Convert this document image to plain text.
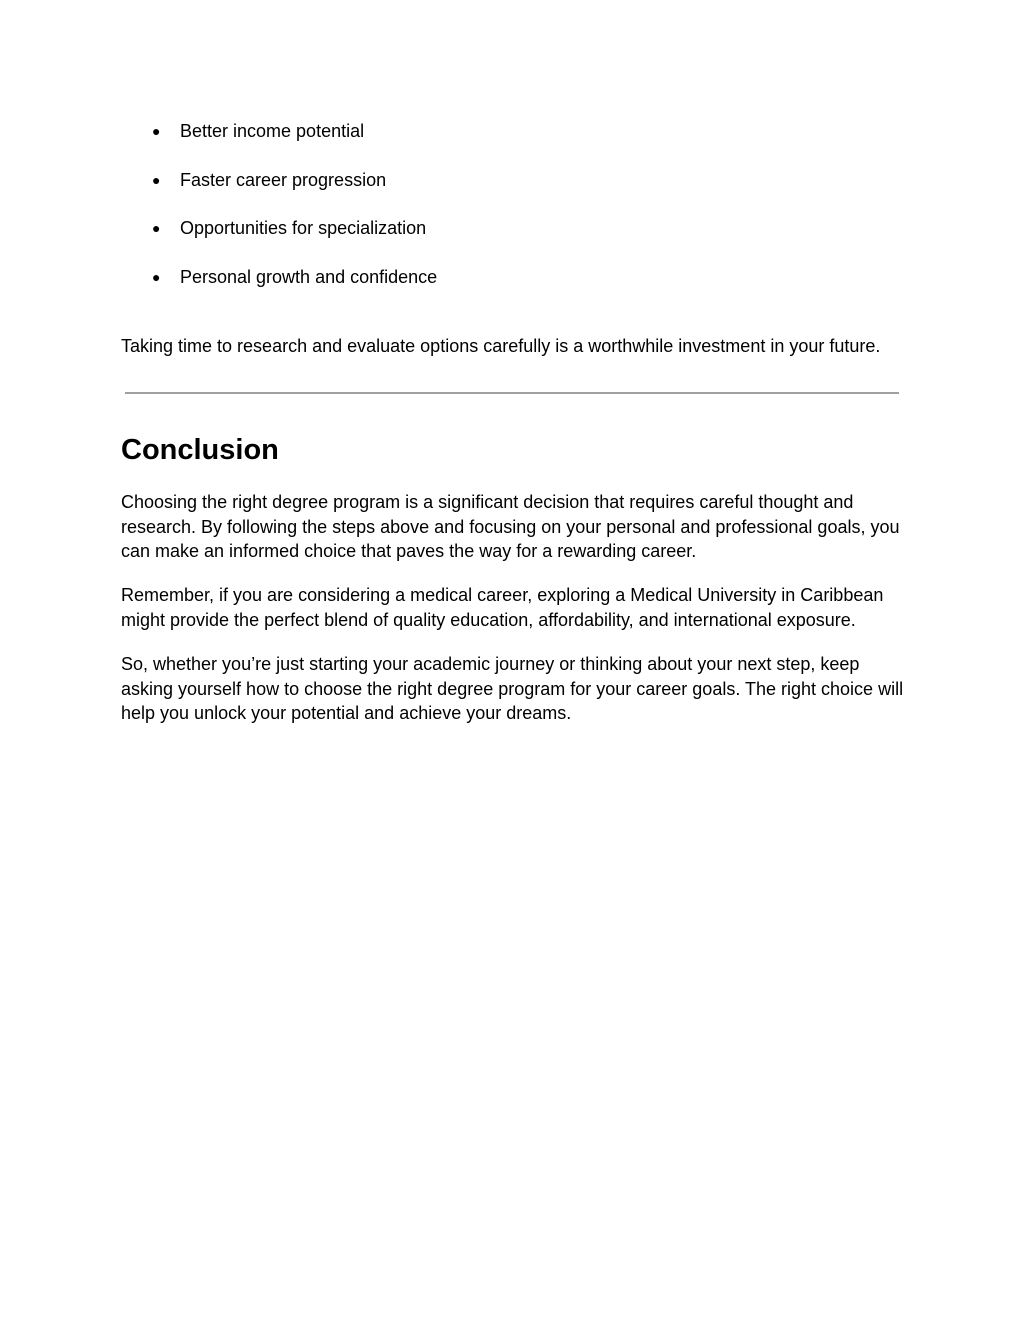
● Better income potential
● Faster career progression
● Opportunities for specialization
● Personal growth and confidence

Taking time to research and evaluate options carefully is a worthwhile investment in your future.

Conclusion

Choosing the right degree program is a significant decision that requires careful thought and research. By following the steps above and focusing on your personal and professional goals, you can make an informed choice that paves the way for a rewarding career.

Remember, if you are considering a medical career, exploring a Medical University in Caribbean might provide the perfect blend of quality education, affordability, and international exposure.

So, whether you’re just starting your academic journey or thinking about your next step, keep asking yourself how to choose the right degree program for your career goals. The right choice will help you unlock your potential and achieve your dreams.
